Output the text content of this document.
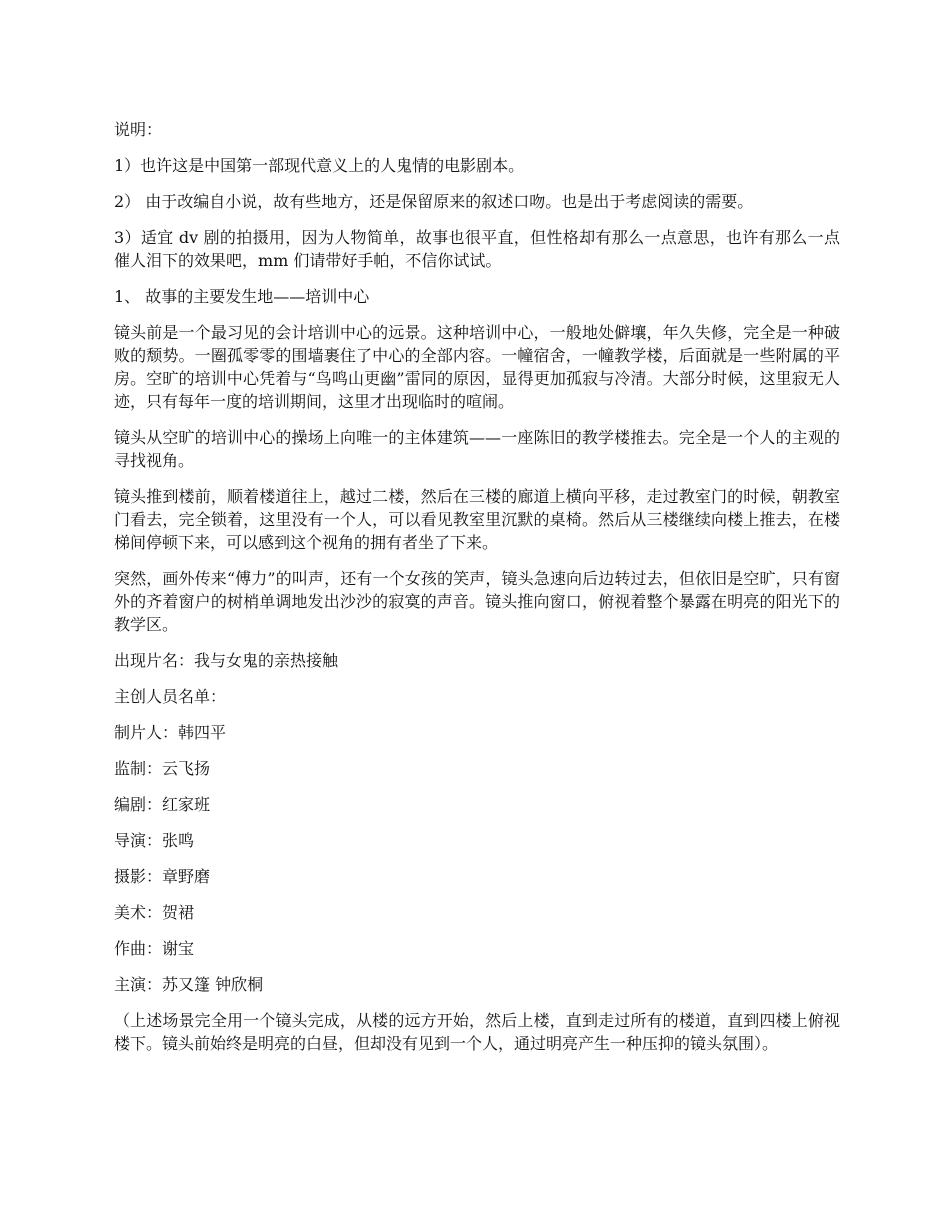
说明：

1）也许这是中国第一部现代意义上的人鬼情的电影剧本。

2） 由于改编自小说，故有些地方，还是保留原来的叙述口吻。也是出于考虑阅读的需要。

3）适宜 dv 剧的拍摄用，因为人物简单，故事也很平直，但性格却有那么一点意思，也许有那么一点催人泪下的效果吧，mm 们请带好手帕，不信你试试。

1、 故事的主要发生地——培训中心

镜头前是一个最习见的会计培训中心的远景。这种培训中心，一般地处僻壤，年久失修，完全是一种破败的颓势。一圈孤零零的围墙裹住了中心的全部内容。一幢宿舍，一幢教学楼，后面就是一些附属的平房。空旷的培训中心凭着与“鸟鸣山更幽”雷同的原因，显得更加孤寂与冷清。大部分时候，这里寂无人迹，只有每年一度的培训期间，这里才出现临时的喧闹。

镜头从空旷的培训中心的操场上向唯一的主体建筑——一座陈旧的教学楼推去。完全是一个人的主观的寻找视角。

镜头推到楼前，顺着楼道往上，越过二楼，然后在三楼的廊道上横向平移，走过教室门的时候，朝教室门看去，完全锁着，这里没有一个人，可以看见教室里沉默的桌椅。然后从三楼继续向楼上推去，在楼梯间停顿下来，可以感到这个视角的拥有者坐了下来。

突然，画外传来“傅力”的叫声，还有一个女孩的笑声，镜头急速向后边转过去，但依旧是空旷，只有窗外的齐着窗户的树梢单调地发出沙沙的寂寞的声音。镜头推向窗口，俯视着整个暴露在明亮的阳光下的教学区。

出现片名：我与女鬼的亲热接触

主创人员名单：

制片人：韩四平

监制：云飞扬

编剧：红家班

导演：张鸣

摄影：章野磨

美术：贺裙

作曲：谢宝

主演：苏又篷 钟欣桐

（上述场景完全用一个镜头完成，从楼的远方开始，然后上楼，直到走过所有的楼道，直到四楼上俯视楼下。镜头前始终是明亮的白昼，但却没有见到一个人，通过明亮产生一种压抑的镜头氛围）。
